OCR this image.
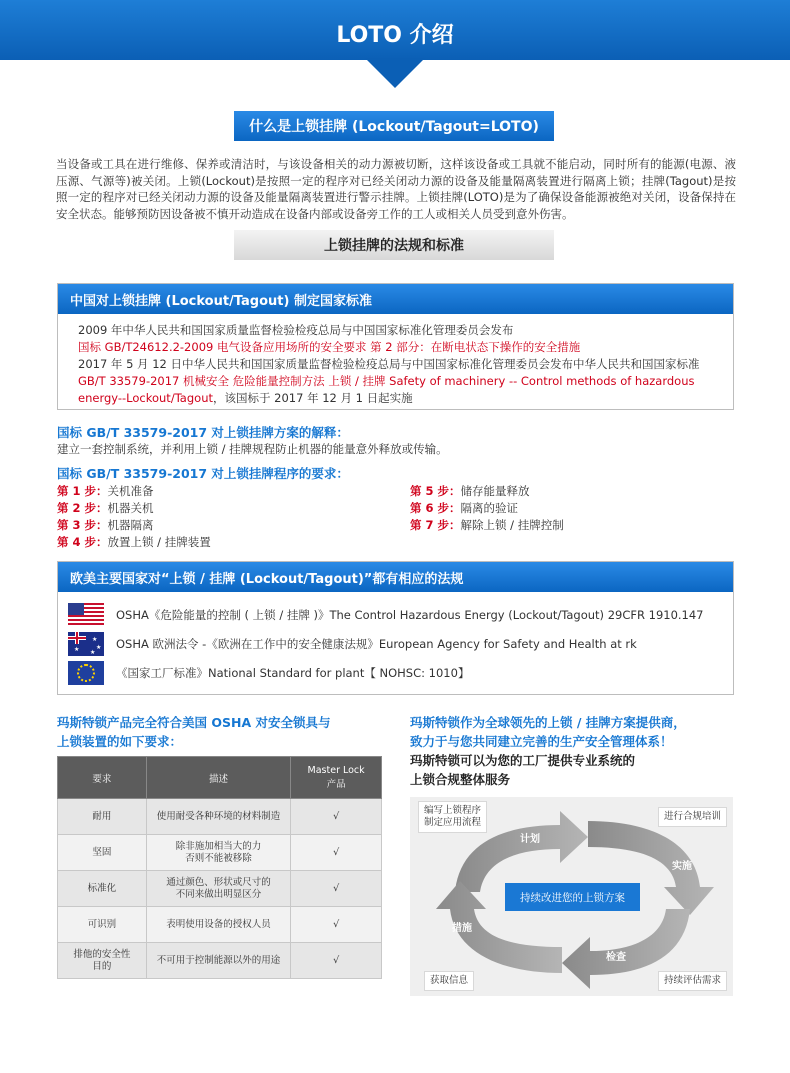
LOTO 介绍
什么是上锁挂牌 (Lockout/Tagout=LOTO)
当设备或工具在进行维修、保养或清洁时，与该设备相关的动力源被切断，这样该设备或工具就不能启动，同时所有的能源(电源、液压源、气源等)被关闭。上锁(Lockout)是按照一定的程序对已经关闭动力源的设备及能量隔离装置进行隔离上锁；挂牌(Tagout)是按照一定的程序对已经关闭动力源的设备及能量隔离装置进行警示挂牌。上锁挂牌(LOTO)是为了确保设备能源被绝对关闭，设备保持在安全状态。能够预防因设备被不慎开动造成在设备内部或设备旁工作的工人或相关人员受到意外伤害。
上锁挂牌的法规和标准
中国对上锁挂牌 (Lockout/Tagout) 制定国家标准
2009 年中华人民共和国国家质量监督检验检疫总局与中国国家标准化管理委员会发布
国标 GB/T24612.2-2009 电气设备应用场所的安全要求 第 2 部分：在断电状态下操作的安全措施
2017 年 5 月 12 日中华人民共和国国家质量监督检验检疫总局与中国国家标准化管理委员会发布中华人民共和国国家标准
GB/T 33579-2017 机械安全 危险能量控制方法 上锁 / 挂牌 Safety of machinery -- Control methods of hazardous
energy--Lockout/Tagout，该国标于 2017 年 12 月 1 日起实施
国标 GB/T 33579-2017 对上锁挂牌方案的解释：
建立一套控制系统，并利用上锁 / 挂牌规程防止机器的能量意外释放或传输。
国标 GB/T 33579-2017 对上锁挂牌程序的要求：
第 1 步：关机准备
第 2 步：机器关机
第 3 步：机器隔离
第 4 步：放置上锁 / 挂牌装置
第 5 步：储存能量释放
第 6 步：隔离的验证
第 7 步：解除上锁 / 挂牌控制
欧美主要国家对“上锁 / 挂牌 (Lockout/Tagout)”都有相应的法规
OSHA《危险能量的控制 ( 上锁 / 挂牌 )》The Control Hazardous Energy (Lockout/Tagout) 29CFR 1910.147
★
★
★
★
OSHA 欧洲法令 -《欧洲在工作中的安全健康法规》European Agency for Safety and Health at rk
《国家工厂标准》National Standard for plant【 NOHSC: 1010】
玛斯特锁产品完全符合美国 OSHA 对安全锁具与
上锁装置的如下要求：
要求	描述	Master Lock
产品
耐用	使用耐受各种环境的材料制造	√
坚固	除非施加相当大的力
否则不能被移除	√
标准化	通过颜色、形状或尺寸的
不同来做出明显区分	√
可识别	表明使用设备的授权人员	√
排他的安全性
目的	不可用于控制能源以外的用途	√
玛斯特锁作为全球领先的上锁 / 挂牌方案提供商，
致力于与您共同建立完善的生产安全管理体系！
玛斯特锁可以为您的工厂提供专业系统的
上锁合规整体服务
编写上锁程序
制定应用流程
进行合规培训
获取信息	持续评估需求
计划
实施
检查
措施
持续改进您的上锁方案
